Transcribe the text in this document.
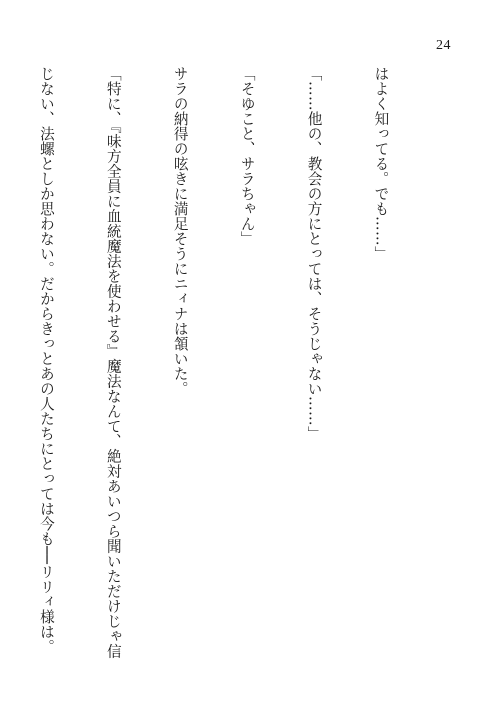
24

はよく知ってる。でも……」

「……他の、教会の方にとっては、そうじゃない……」

「そゆこと、サラちゃん」

サラの納得の呟きに満足そうにニィナは頷いた。

「特に、『味方全員に血統魔法を使わせる』魔法なんて、絶対あいつら聞いただけじゃ信

じない、法螺としか思わない。だからきっとあの人たちにとっては今も──リリィ様は。
